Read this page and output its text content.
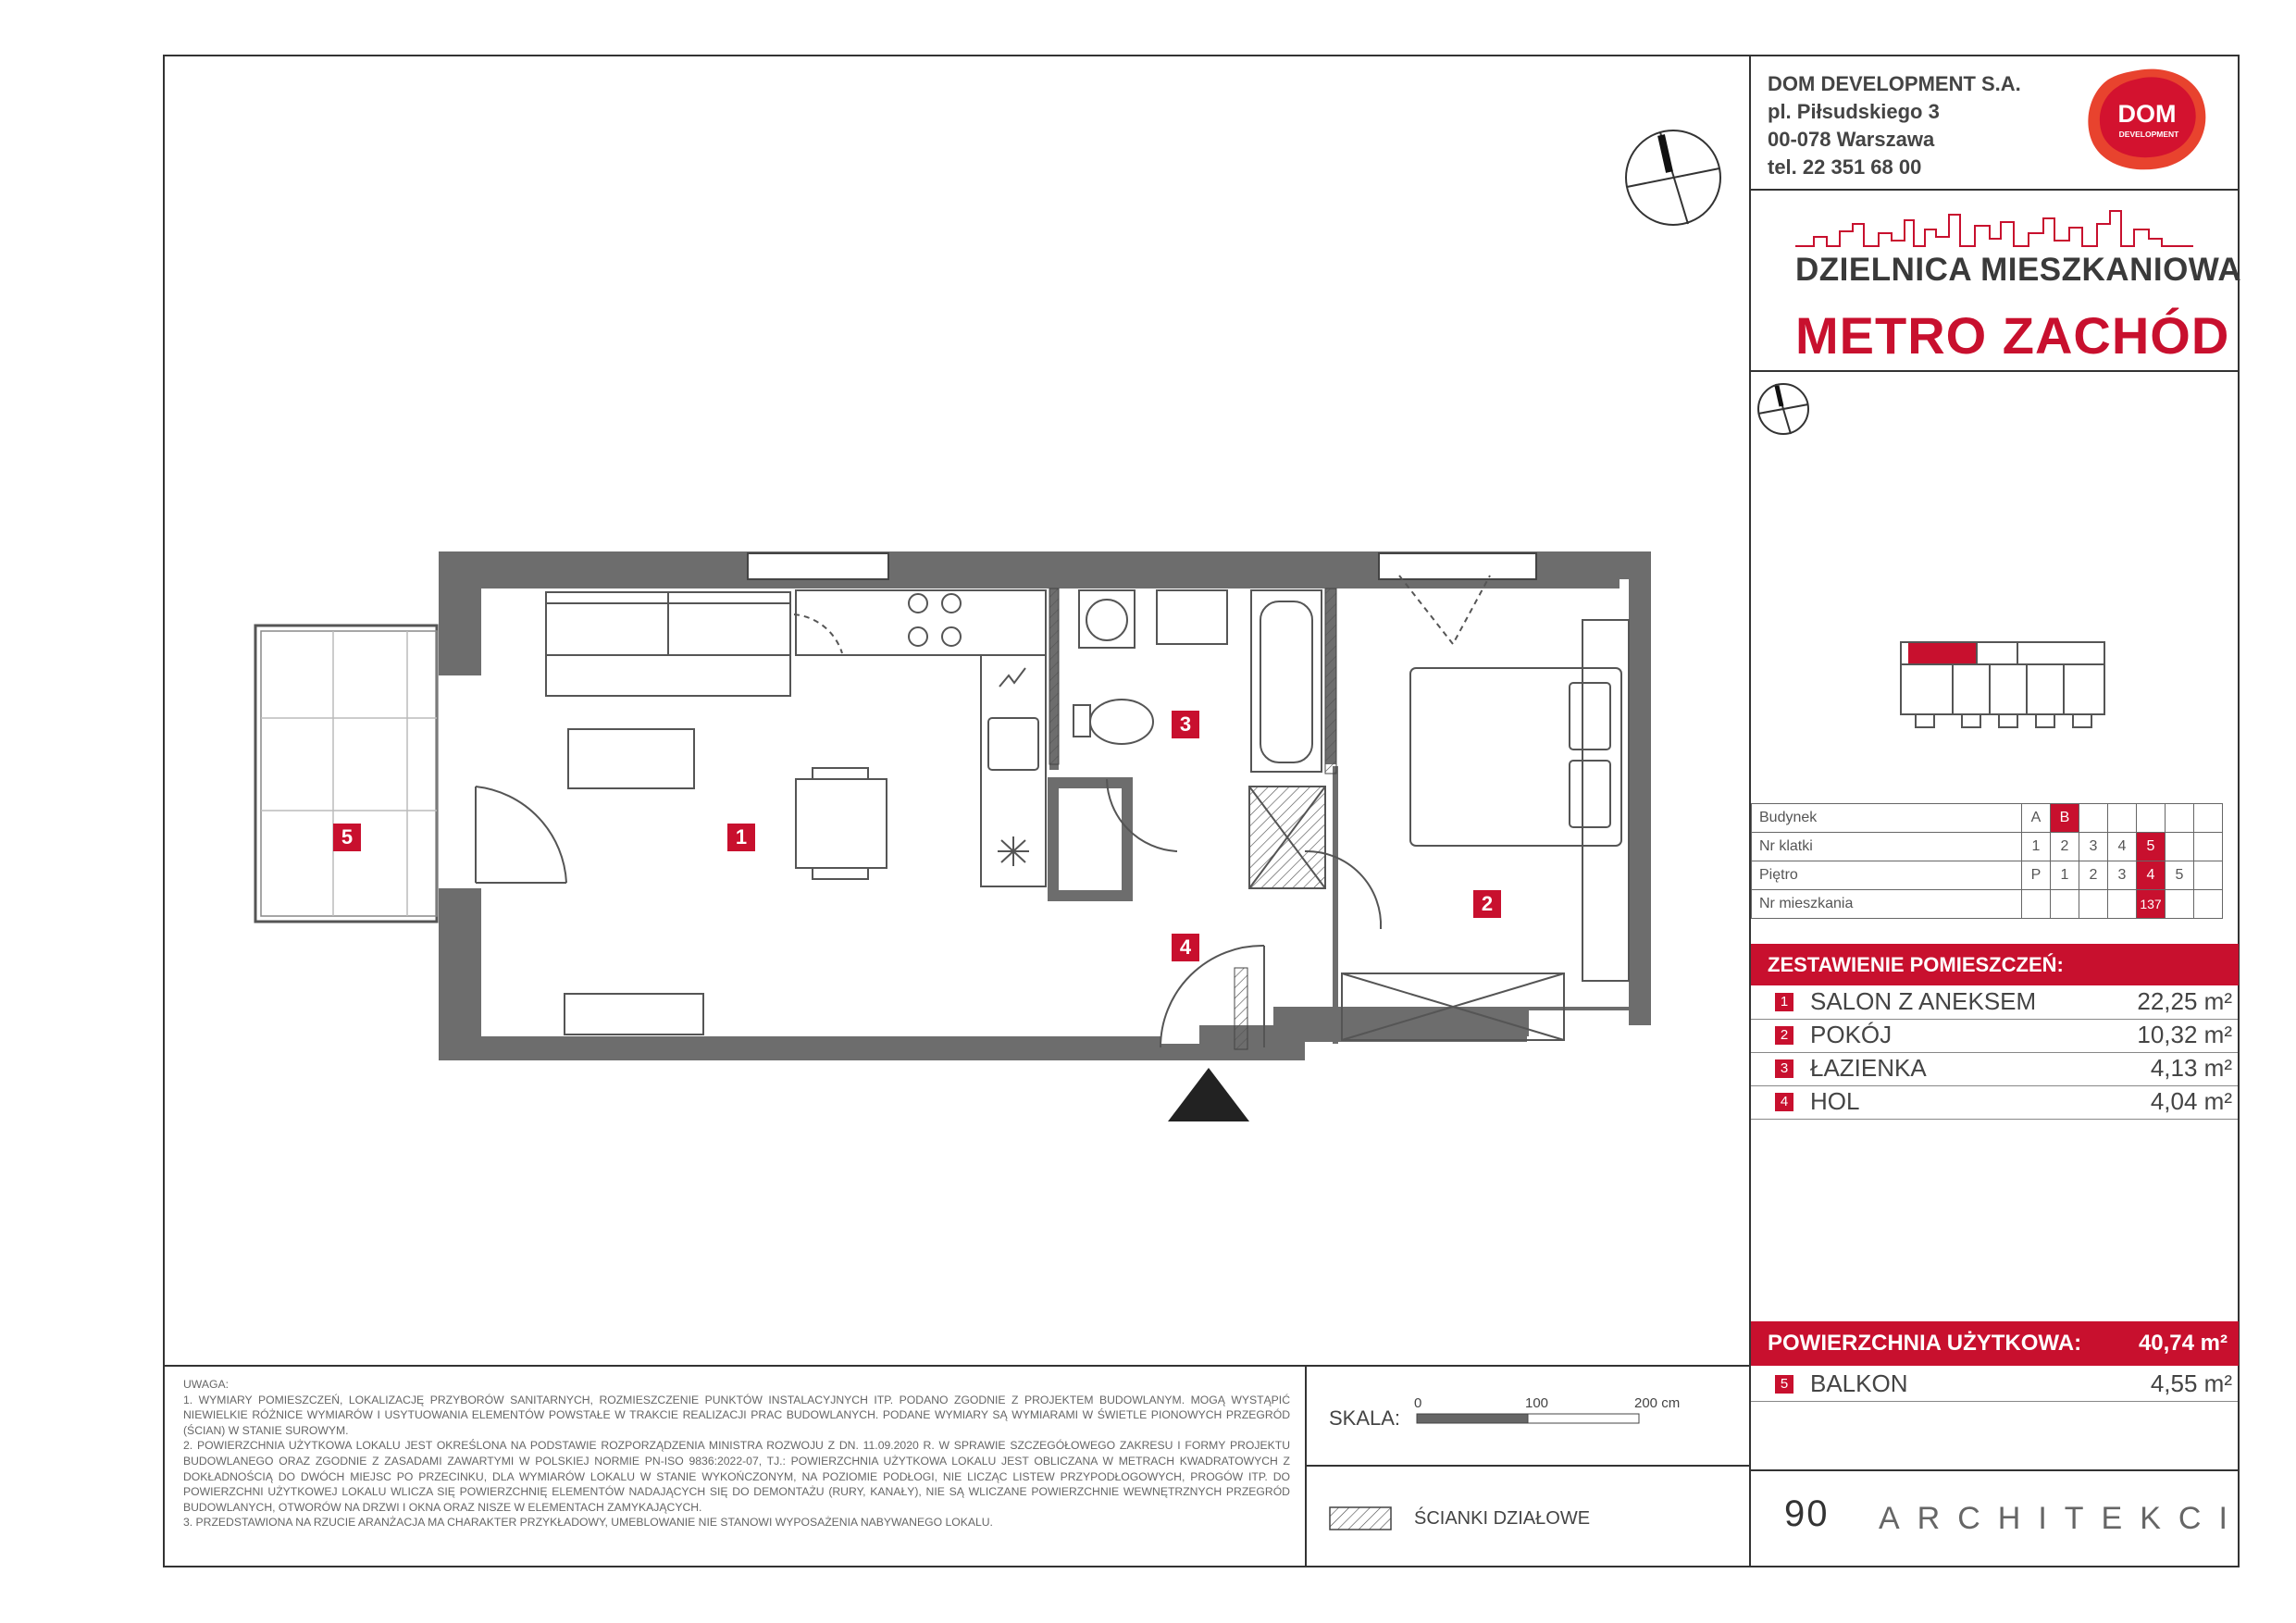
DOM DEVELOPMENT S.A.
pl. Piłsudskiego 3
00-078 Warszawa
tel. 22 351 68 00
DOM
DEVELOPMENT
DZIELNICA MIESZKANIOWA
METRO ZACHÓD
Budynek	A	B					
Nr klatki	1	2	3	4	5		
Piętro	P	1	2	3	4	5	
Nr mieszkania					137		
ZESTAWIENIE POMIESZCZEŃ:
1 SALON Z ANEKSEM	22,25 m²
2 POKÓJ	10,32 m²
3 ŁAZIENKA	4,13 m²
4 HOL	4,04 m²
POWIERZCHNIA UŻYTKOWA:	40,74 m²
5 BALKON	4,55 m²
90 ARCHITEKCI

UWAGA:

1. WYMIARY POMIESZCZEŃ, LOKALIZACJĘ PRZYBORÓW SANITARNYCH, ROZMIESZCZENIE PUNKTÓW INSTALACYJNYCH ITP. PODANO ZGODNIE Z PROJEKTEM BUDOWLANYM. MOGĄ WYSTĄPIĆ NIEWIELKIE RÓŻNICE WYMIARÓW I USYTUOWANIA ELEMENTÓW POWSTAŁE W TRAKCIE REALIZACJI PRAC BUDOWLANYCH. PODANE WYMIARY SĄ WYMIARAMI W ŚWIETLE PIONOWYCH PRZEGRÓD (ŚCIAN) W STANIE SUROWYM.

2. POWIERZCHNIA UŻYTKOWA LOKALU JEST OKREŚLONA NA PODSTAWIE ROZPORZĄDZENIA MINISTRA ROZWOJU Z DN. 11.09.2020 R. W SPRAWIE SZCZEGÓŁOWEGO ZAKRESU I FORMY PROJEKTU BUDOWLANEGO ORAZ ZGODNIE Z ZASADAMI ZAWARTYMI W POLSKIEJ NORMIE PN-ISO 9836:2022-07, TJ.: POWIERZCHNIA UŻYTKOWA LOKALU JEST OBLICZANA W METRACH KWADRATOWYCH Z DOKŁADNOŚCIĄ DO DWÓCH MIEJSC PO PRZECINKU, DLA WYMIARÓW LOKALU W STANIE WYKOŃCZONYM, NA POZIOMIE PODŁOGI, NIE LICZĄC LISTEW PRZYPODŁOGOWYCH, PROGÓW ITP. DO POWIERZCHNI UŻYTKOWEJ LOKALU WLICZA SIĘ POWIERZCHNIĘ ELEMENTÓW NADAJĄCYCH SIĘ DO DEMONTAŻU (RURY, KANAŁY), NIE SĄ WLICZANE POWIERZCHNIE WEWNĘTRZNYCH PRZEGRÓD BUDOWLANYCH, OTWORÓW NA DRZWI I OKNA ORAZ NISZE W ELEMENTACH ZAMYKAJĄCYCH.

3. PRZEDSTAWIONA NA RZUCIE ARANŻACJA MA CHARAKTER PRZYKŁADOWY, UMEBLOWANIE NIE STANOWI WYPOSAŻENIA NABYWANEGO LOKALU.

SKALA:
0	100	200 cm
ŚCIANKI DZIAŁOWE
1
2
3
4
5
